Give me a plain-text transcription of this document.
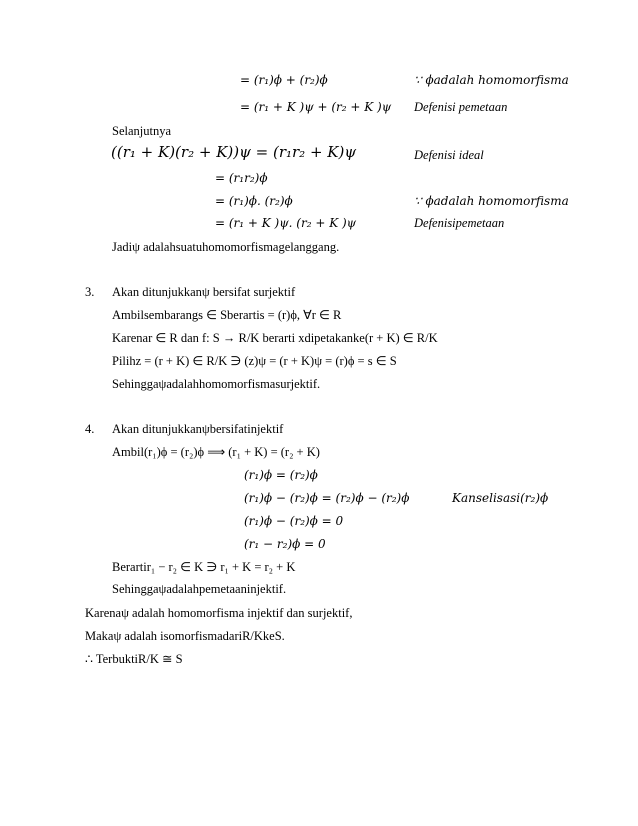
= (r₁)ϕ + (r₂)ϕ	∵ ϕadalah homomorfisma
= (r₁ + K )ψ + (r₂ + K )ψ Defenisi pemetaan
Selanjutnya
((r₁ + K)(r₂ + K))ψ = (r₁r₂ + K)ψ	Defenisi ideal
= (r₁r₂)ϕ
= (r₁)ϕ. (r₂)ϕ	∵ ϕadalah homomorfisma
= (r₁ + K )ψ. (r₂ + K )ψ	Defenisipemetaan
Jadiψ adalahsuatuhomomorfismagelanggang.
3. Akan ditunjukkanψ bersifat surjektif
Ambilsembarangs ∈ Sberartis = (r)ϕ, ∀r ∈ R
Karenar ∈ R dan f: S → R/K berarti xdipetakanke(r + K) ∈ R/K
Pilihz = (r + K) ∈ R/K ∋ (z)ψ = (r + K)ψ = (r)ϕ = s ∈ S
Sehinggaψadalahhomomorfismasurjektif.
4. Akan ditunjukkanψbersifatinjektif
Ambil(r₁)ϕ = (r₂)ϕ ⟹ (r₁ + K) = (r₂ + K)
(r₁)ϕ = (r₂)ϕ
(r₁)ϕ − (r₂)ϕ = (r₂)ϕ − (r₂)ϕ	Kanselisasi(r₂)ϕ
(r₁)ϕ − (r₂)ϕ = 0
(r₁ − r₂)ϕ = 0
Berartir₁ − r₂ ∈ K ∋ r₁ + K = r₂ + K
Sehinggaψadalahpemetaaninjektif.
Karenaψ adalah homomorfisma injektif dan surjektif,
Makaψ adalah isomorfismadariR/KkeS.
∴ TerbuktiR/K ≅ S
